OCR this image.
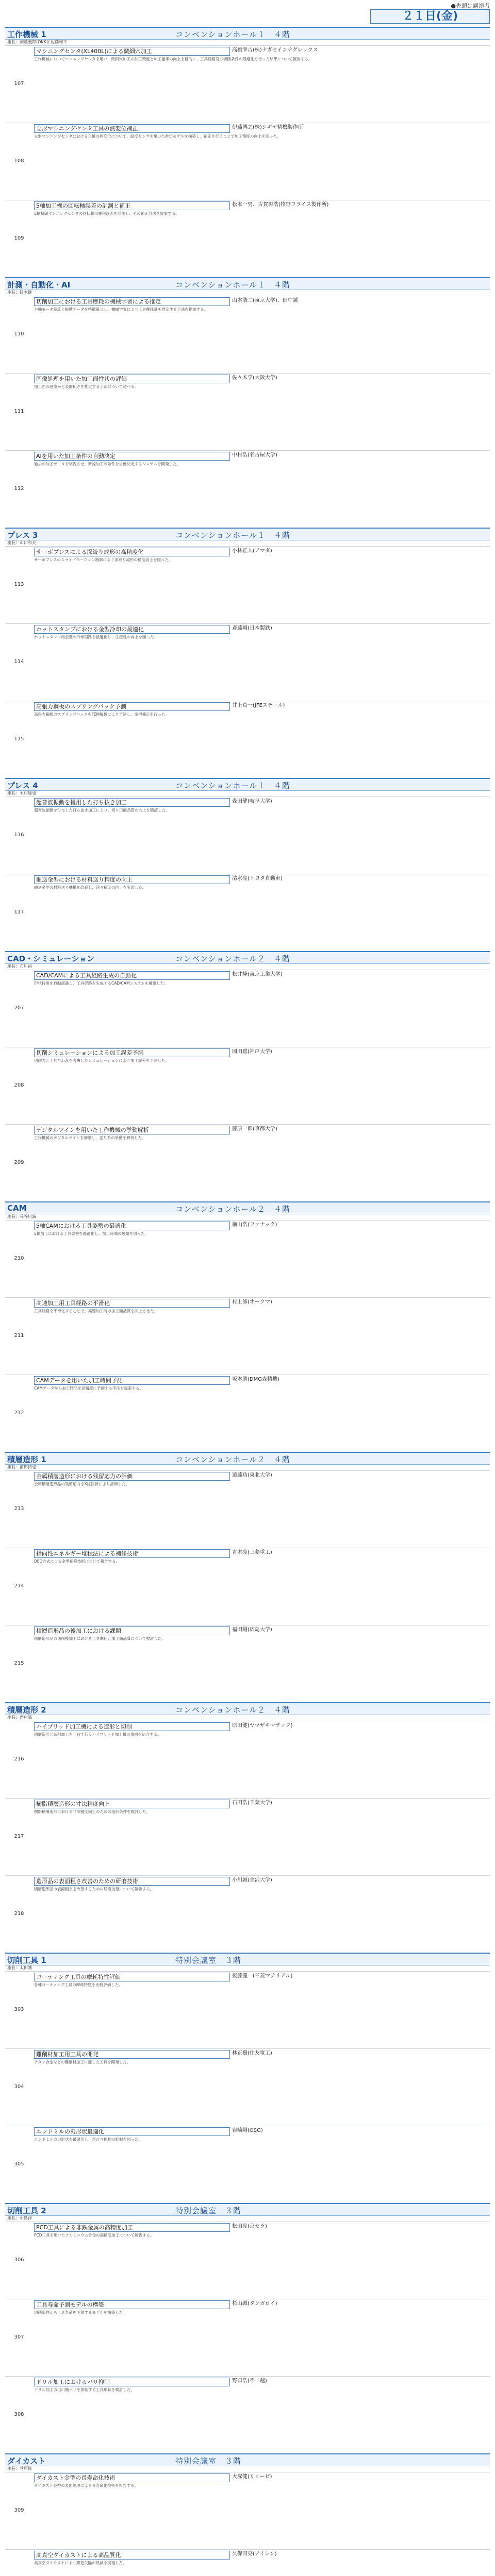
●先頭は講演者
２１日(金)
工作機械 1	コンベンションホール１　４階
座長：加藤義郎(OKK)/ 佐藤雅幸
107
マシニングセンタ(XL400L)による微細穴加工	高橋幸吉(株)ナガセインテグレックス
工作機械においてマシニングセンタを用い、微細穴加工の加工精度と加工能率の向上を目的に、工具経路及び切削条件の最適化を行った結果について報告する。
108
立形マシニングセンタ工具の熱変位補正	伊藤博之(株)シギヤ精機製作所
立形マシニングセンタにおける主軸の熱変位について、温度センサを用いた推定モデルを構築し、補正を行うことで加工精度の向上を図った。
109
5軸加工機の回転軸誤差の計測と補正	松本一男、古賀彰浩(牧野フライス製作所)
5軸制御マシニングセンタの回転軸の幾何誤差を計測し、その補正方法を提案する。
計測・自動化・AI	コンベンションホール１　４階
座長：鈴木健一
110
切削加工における工具摩耗の機械学習による推定	山本浩二(東京大学)、田中誠
主軸モータ電流と振動データを特徴量とし、機械学習により工具摩耗量を推定する手法を提案する。
111
画像処理を用いた加工面性状の評価	佐々木学(大阪大学)
加工面の画像から表面粗さを推定する手法について述べる。
112
AIを用いた加工条件の自動決定	中村浩(名古屋大学)
過去の加工データを学習させ、新規加工の条件を自動決定するシステムを開発した。
プレス 3	コンベンションホール１　４階
座長：山口和夫
113
サーボプレスによる深絞り成形の高精度化	小林正人(アマダ)
サーボプレスのスライドモーション制御により深絞り成形の精度向上を図った。
114
ホットスタンプにおける金型冷却の最適化	斎藤剛(日本製鉄)
ホットスタンプ用金型の冷却回路を最適化し、生産性の向上を図った。
115
高張力鋼板のスプリングバック予測	井上真一(JFEスチール)
高張力鋼板のスプリングバックをFEM解析により予測し、金型補正を行った。
プレス 4	コンベンションホール１　４階
座長：木村達也
116
超音波振動を援用した打ち抜き加工	森田健(岐阜大学)
超音波振動を付与した打ち抜き加工により、切り口面品質の向上を確認した。
117
順送金型における材料送り精度の向上	清水亮(トヨタ自動車)
順送金型の材料送り機構を改良し、送り精度の向上を実現した。
CAD・シミュレーション	コンベンションホール２　４階
座長：石川裕
207
CAD/CAMによる工具経路生成の自動化	松井隆(東京工業大学)
形状特徴を自動認識し、工具経路を生成するCAD/CAMシステムを構築した。
208
切削シミュレーションによる加工誤差予測	岡田聡(神戸大学)
切削力と工具たわみを考慮したシミュレーションにより加工誤差を予測した。
209
デジタルツインを用いた工作機械の挙動解析	藤原一郎(京都大学)
工作機械のデジタルツインを構築し、送り系の挙動を解析した。
CAM	コンベンションホール２　４階
座長：長谷川誠
210
5軸CAMにおける工具姿勢の最適化	横山浩(ファナック)
5軸加工における工具姿勢を最適化し、加工時間の短縮を図った。
211
高速加工用工具経路の平滑化	村上修(オークマ)
工具経路を平滑化することで、高速加工時の加工面品質を向上させた。
212
CAMデータを用いた加工時間予測	坂本勝(DMG森精機)
CAMデータから加工時間を高精度に予測する手法を提案する。
積層造形 1	コンベンションホール２　４階
座長：前田拓也
213
金属積層造形における残留応力の評価	遠藤功(東北大学)
金属積層造形品の残留応力をX線回折により評価した。
214
指向性エネルギー堆積法による補修技術	青木亮(三菱重工)
DED方式による金型補修技術について報告する。
215
積層造形品の後加工における課題	福田剛(広島大学)
積層造形品の切削後加工における工具摩耗と加工面品質について検討した。
積層造形 2	コンベンションホール２　４階
座長：西村誠
216
ハイブリッド加工機による造形と切削	原田健(ヤマザキマザック)
積層造形と切削加工を一台で行うハイブリッド加工機の事例を紹介する。
217
樹脂積層造形の寸法精度向上	石田浩(千葉大学)
樹脂積層造形における寸法精度向上のための造形条件を検討した。
218
造形品の表面粗さ改善のための研磨技術	小川誠(金沢大学)
積層造形品の表面粗さを改善するための研磨技術について報告する。
切削工具 1	特別会議室　３階
座長：太田誠
303
コーティング工具の摩耗特性評価	後藤健一(三菱マテリアル)
各種コーティング工具の摩耗特性を比較評価した。
304
難削材加工用工具の開発	林正樹(住友電工)
チタン合金などの難削材加工に適した工具を開発した。
305
エンドミルの刃形状最適化	岩崎剛(OSG)
エンドミルの刃形状を最適化し、びびり振動の抑制を図った。
切削工具 2	特別会議室　３階
座長：中島洋
306
PCD工具による非鉄金属の高精度加工	松田亮(京セラ)
PCD工具を用いたアルミニウム合金の高精度加工について報告する。
307
工具寿命予測モデルの構築	杉山誠(タンガロイ)
切削条件から工具寿命を予測するモデルを構築した。
308
ドリル加工におけるバリ抑制	野口浩(不二越)
ドリル加工の出口側バリを抑制する工具形状を検討した。
ダイカスト	特別会議室　３階
座長：菅原修
309
ダイカスト金型の長寿命化技術	大塚健(リョービ)
ダイカスト金型の表面処理による長寿命化技術を報告する。
高真空ダイカストによる高品質化	久保田亮(アイシン)
高真空ダイカストにより鋳造欠陥の低減を実現した。
